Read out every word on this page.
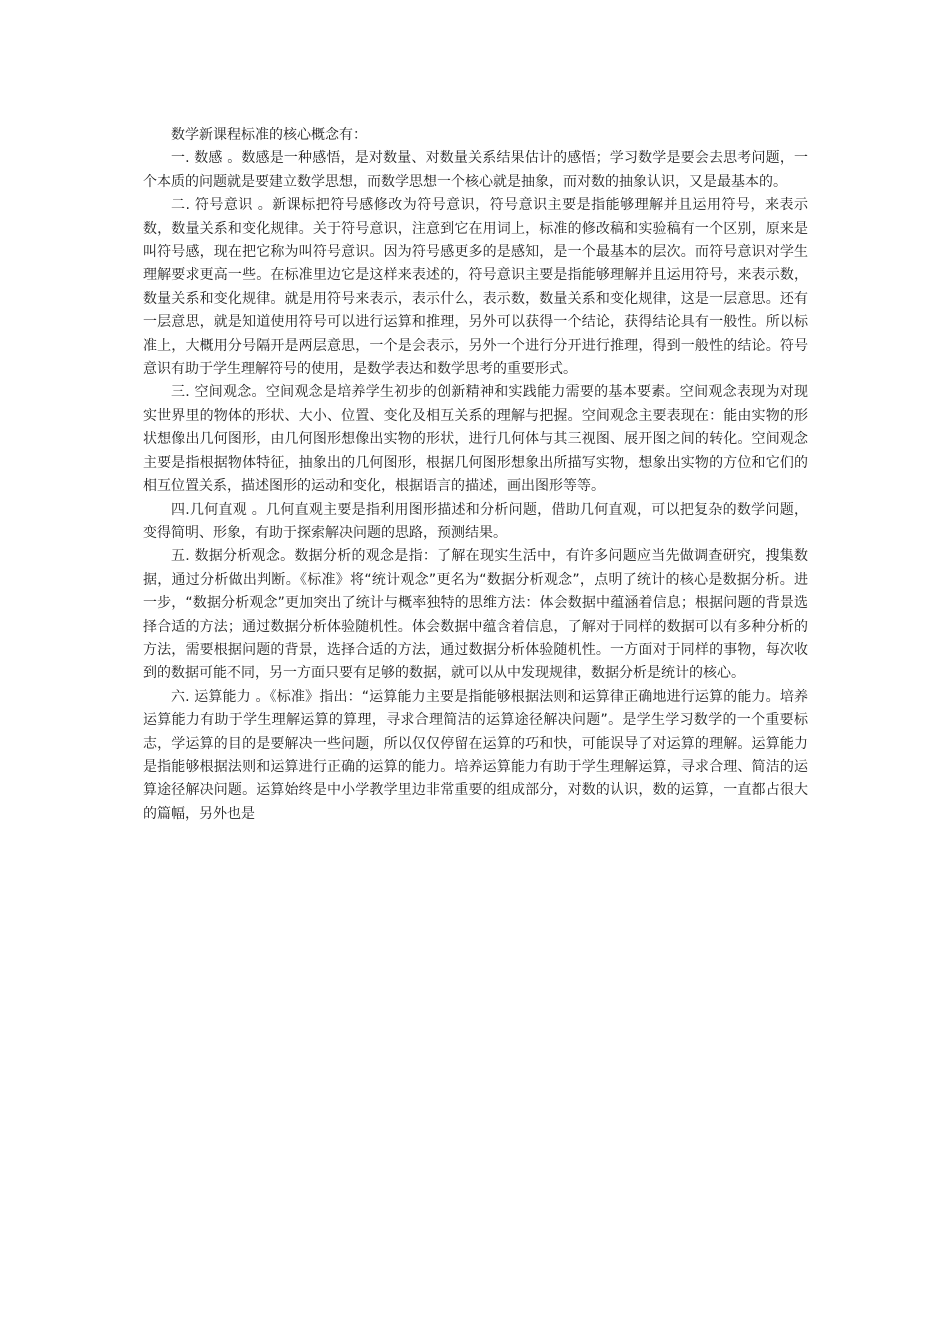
数学新课程标准的核心概念有：

一. 数感 。数感是一种感悟，是对数量、对数量关系结果估计的感悟；学习数学是要会去思考问题，一个本质的问题就是要建立数学思想，而数学思想一个核心就是抽象，而对数的抽象认识，又是最基本的。

二. 符号意识 。新课标把符号感修改为符号意识，符号意识主要是指能够理解并且运用符号，来表示数，数量关系和变化规律。关于符号意识，注意到它在用词上，标准的修改稿和实验稿有一个区别，原来是叫符号感，现在把它称为叫符号意识。因为符号感更多的是感知，是一个最基本的层次。而符号意识对学生理解要求更高一些。在标准里边它是这样来表述的，符号意识主要是指能够理解并且运用符号，来表示数，数量关系和变化规律。就是用符号来表示，表示什么，表示数，数量关系和变化规律，这是一层意思。还有一层意思，就是知道使用符号可以进行运算和推理，另外可以获得一个结论，获得结论具有一般性。所以标准上，大概用分号隔开是两层意思，一个是会表示，另外一个进行分开进行推理，得到一般性的结论。符号意识有助于学生理解符号的使用，是数学表达和数学思考的重要形式。

三. 空间观念。空间观念是培养学生初步的创新精神和实践能力需要的基本要素。空间观念表现为对现实世界里的物体的形状、大小、位置、变化及相互关系的理解与把握。空间观念主要表现在：能由实物的形状想像出几何图形，由几何图形想像出实物的形状，进行几何体与其三视图、展开图之间的转化。空间观念主要是指根据物体特征，抽象出的几何图形，根据几何图形想象出所描写实物，想象出实物的方位和它们的相互位置关系，描述图形的运动和变化，根据语言的描述，画出图形等等。

四.几何直观 。几何直观主要是指利用图形描述和分析问题，借助几何直观，可以把复杂的数学问题，变得简明、形象，有助于探索解决问题的思路，预测结果。

五. 数据分析观念。数据分析的观念是指：了解在现实生活中，有许多问题应当先做调查研究，搜集数据，通过分析做出判断。《标准》将“统计观念”更名为“数据分析观念”，点明了统计的核心是数据分析。进一步，“数据分析观念”更加突出了统计与概率独特的思维方法：体会数据中蕴涵着信息；根据问题的背景选择合适的方法；通过数据分析体验随机性。体会数据中蕴含着信息，了解对于同样的数据可以有多种分析的方法，需要根据问题的背景，选择合适的方法，通过数据分析体验随机性。一方面对于同样的事物，每次收到的数据可能不同，另一方面只要有足够的数据，就可以从中发现规律，数据分析是统计的核心。

六. 运算能力 。《标准》指出：“运算能力主要是指能够根据法则和运算律正确地进行运算的能力。培养运算能力有助于学生理解运算的算理，寻求合理简洁的运算途径解决问题”。是学生学习数学的一个重要标志，学运算的目的是要解决一些问题，所以仅仅停留在运算的巧和快，可能误导了对运算的理解。运算能力是指能够根据法则和运算进行正确的运算的能力。培养运算能力有助于学生理解运算，寻求合理、简洁的运算途径解决问题。运算始终是中小学教学里边非常重要的组成部分，对数的认识，数的运算，一直都占很大的篇幅，另外也是
